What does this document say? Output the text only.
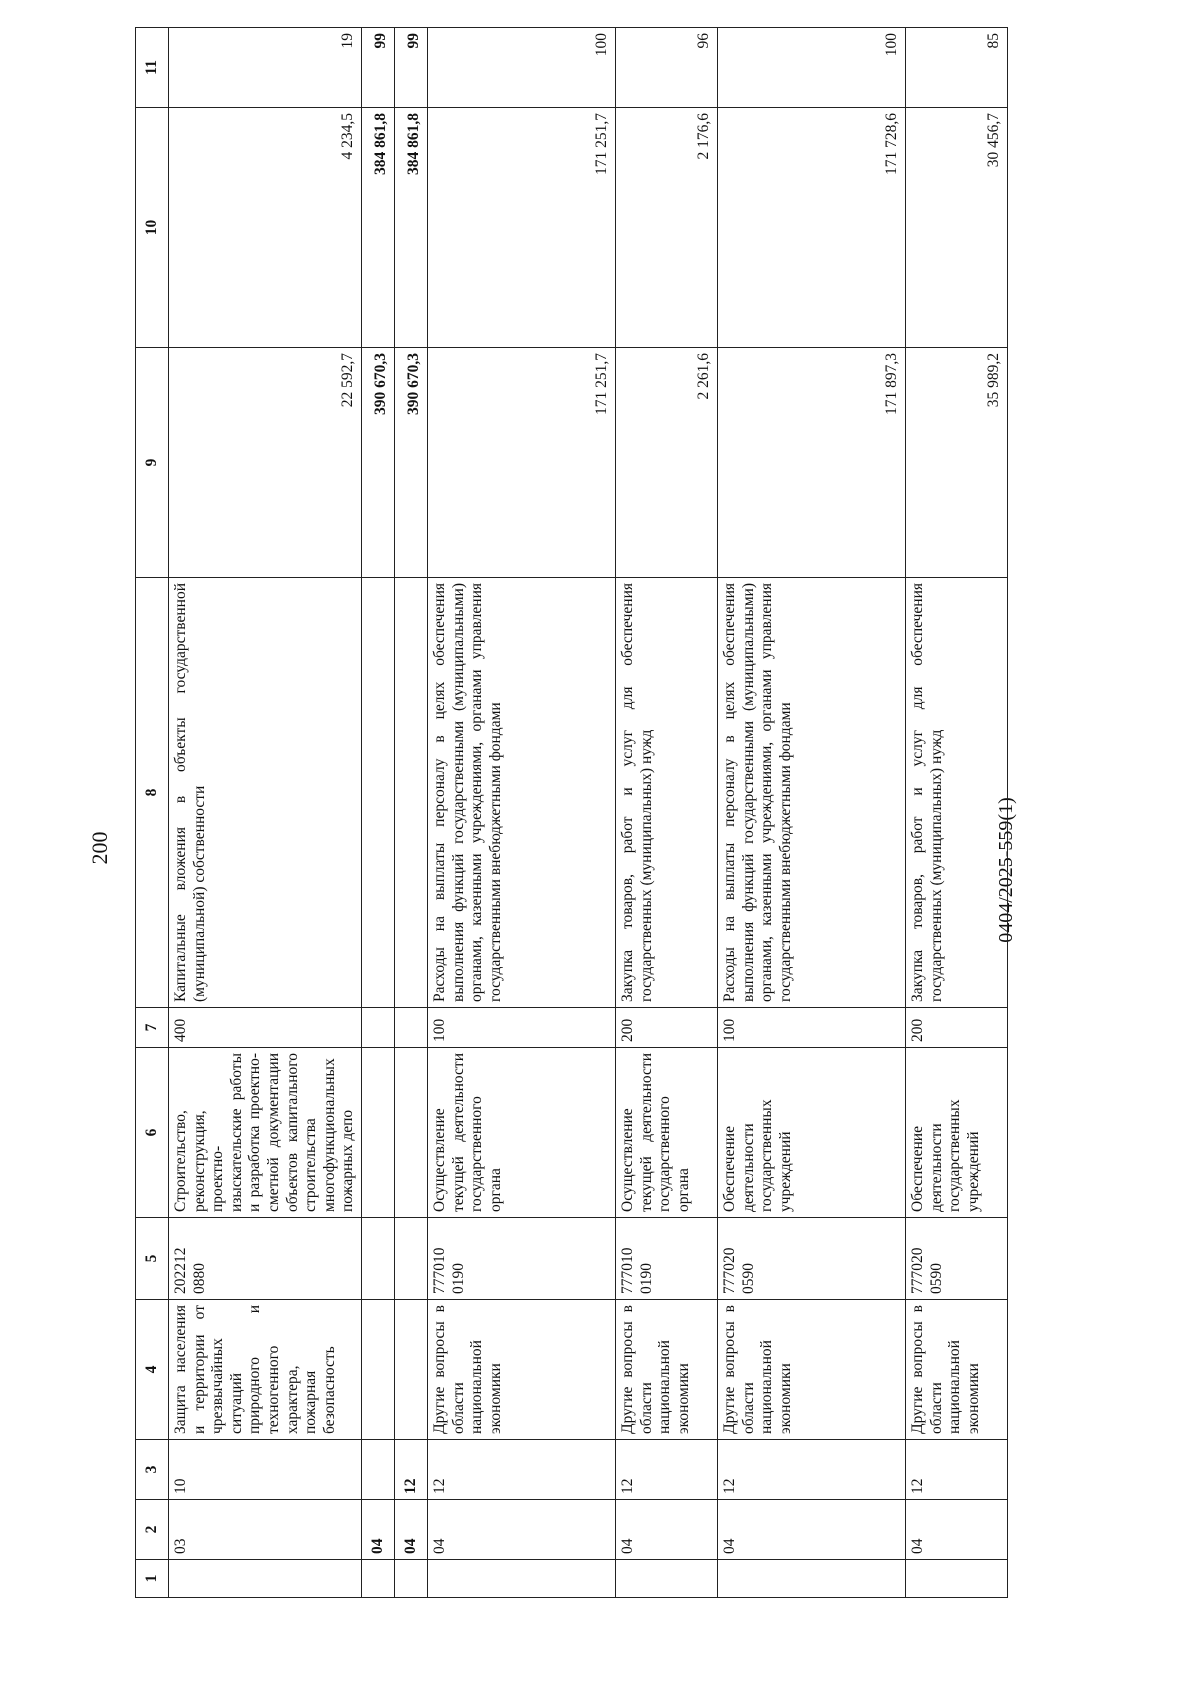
200	0404/2025-559(1)
1	2	3	4	5	6	7	8	9	10	11
	03	10	Защита населения и территории от чрезвычайных ситуаций природного и техногенного характера, пожарная безопасность	202212 0880	Строительство, реконструкция, проектно-изыскательские работы и разработка проектно-сметной документации объектов капитального строительства многофункциональных пожарных депо	400	Капитальные вложения в объекты государственной (муниципальной) собственности	22 592,7	4 234,5	19
	04							390 670,3	384 861,8	99
	04	12						390 670,3	384 861,8	99
	04	12	Другие вопросы в области национальной экономики	777010 0190	Осуществление текущей деятельности государственного органа	100	Расходы на выплаты персоналу в целях обеспечения выполнения функций государственными (муниципальными) органами, казенными учреждениями, органами управления государственными внебюджетными фондами	171 251,7	171 251,7	100
	04	12	Другие вопросы в области национальной экономики	777010 0190	Осуществление текущей деятельности государственного органа	200	Закупка товаров, работ и услуг для обеспечения государственных (муниципальных) нужд	2 261,6	2 176,6	96
	04	12	Другие вопросы в области национальной экономики	777020 0590	Обеспечение деятельности государственных учреждений	100	Расходы на выплаты персоналу в целях обеспечения выполнения функций государственными (муниципальными) органами, казенными учреждениями, органами управления государственными внебюджетными фондами	171 897,3	171 728,6	100
	04	12	Другие вопросы в области национальной экономики	777020 0590	Обеспечение деятельности государственных учреждений	200	Закупка товаров, работ и услуг для обеспечения государственных (муниципальных) нужд	35 989,2	30 456,7	85
